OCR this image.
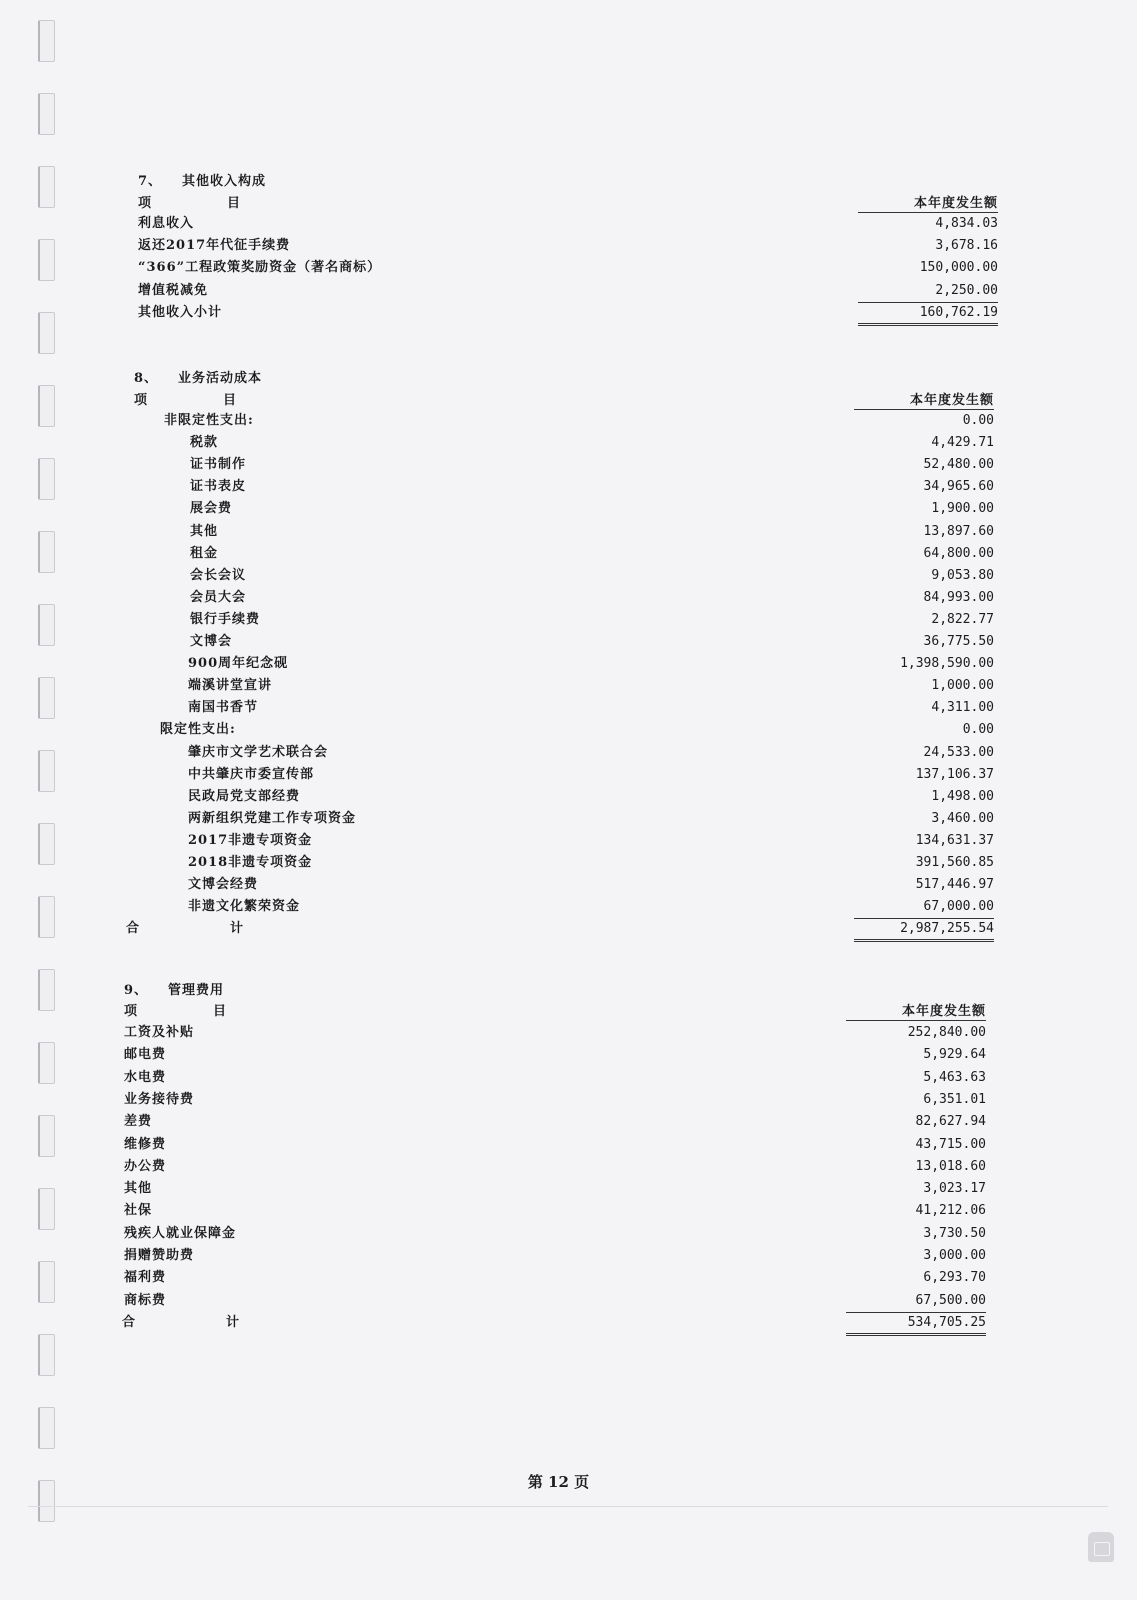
7、 其他收入构成
项	目	本年度发生额
利息收入	4,834.03
返还2017年代征手续费	3,678.16
“366”工程政策奖励资金（著名商标）	150,000.00
增值税减免	2,250.00
其他收入小计	160,762.19
8、 业务活动成本
项	目	本年度发生额
非限定性支出:	0.00
税款	4,429.71
证书制作	52,480.00
证书表皮	34,965.60
展会费	1,900.00
其他	13,897.60
租金	64,800.00
会长会议	9,053.80
会员大会	84,993.00
银行手续费	2,822.77
文博会	36,775.50
900周年纪念砚	1,398,590.00
端溪讲堂宣讲	1,000.00
南国书香节	4,311.00
限定性支出:	0.00
肇庆市文学艺术联合会	24,533.00
中共肇庆市委宣传部	137,106.37
民政局党支部经费	1,498.00
两新组织党建工作专项资金	3,460.00
2017非遗专项资金	134,631.37
2018非遗专项资金	391,560.85
文博会经费	517,446.97
非遗文化繁荣资金	67,000.00
合	计	2,987,255.54
9、 管理费用
项	目	本年度发生额
工资及补贴	252,840.00
邮电费	5,929.64
水电费	5,463.63
业务接待费	6,351.01
差费	82,627.94
维修费	43,715.00
办公费	13,018.60
其他	3,023.17
社保	41,212.06
残疾人就业保障金	3,730.50
捐赠赞助费	3,000.00
福利费	6,293.70
商标费	67,500.00
合	计	534,705.25
第 12 页
